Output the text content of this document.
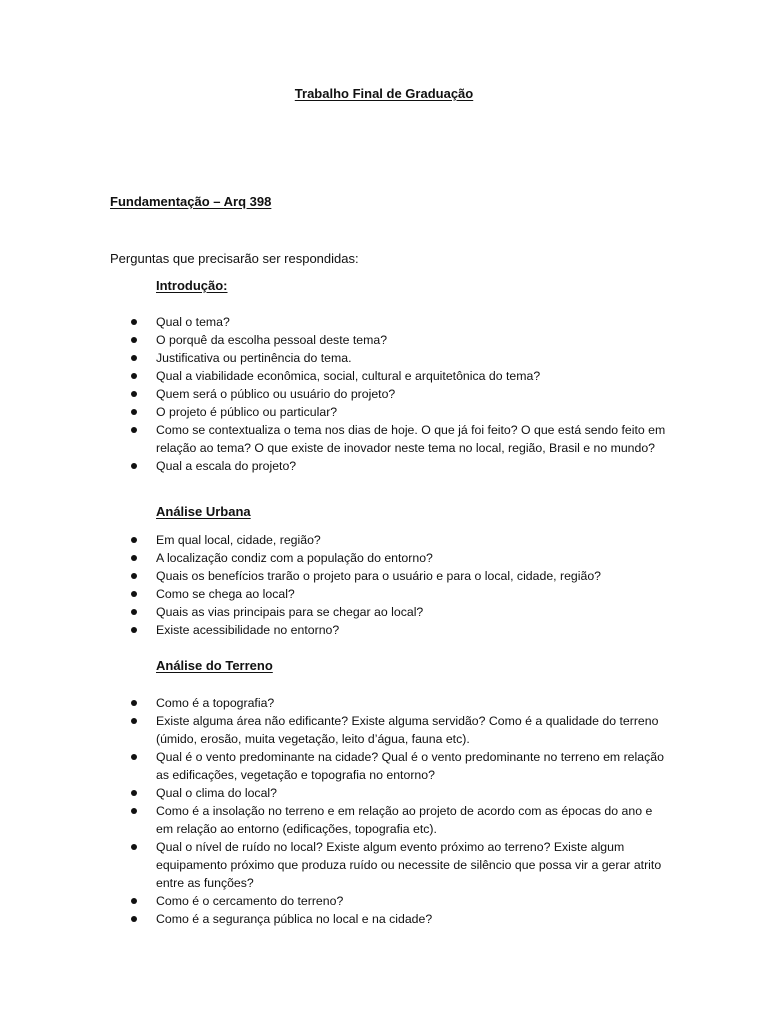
Trabalho Final de Graduação
Fundamentação – Arq 398
Perguntas que precisarão ser respondidas:
Introdução:
Qual o tema?
O porquê da escolha pessoal deste tema?
Justificativa ou pertinência do tema.
Qual a viabilidade econômica, social, cultural e arquitetônica do tema?
Quem será o público ou usuário do projeto?
O projeto é público ou particular?
Como se contextualiza o tema nos dias de hoje. O que já foi feito? O que está sendo feito em relação ao tema? O que existe de inovador neste tema no local, região, Brasil e no mundo?
Qual a escala do projeto?
Análise Urbana
Em qual local, cidade, região?
A localização condiz com a população do entorno?
Quais os benefícios trarão o projeto para o usuário e para o local, cidade, região?
Como se chega ao local?
Quais as vias principais para se chegar ao local?
Existe acessibilidade no entorno?
Análise do Terreno
Como é a topografia?
Existe alguma área não edificante? Existe alguma servidão? Como é a qualidade do terreno (úmido, erosão, muita vegetação, leito d’água, fauna etc).
Qual é o vento predominante na cidade? Qual é o vento predominante no terreno em relação as edificações, vegetação e topografia no entorno?
Qual o clima do local?
Como é a insolação no terreno e em relação ao projeto de acordo com as épocas do ano e em relação ao entorno (edificações, topografia etc).
Qual o nível de ruído no local? Existe algum evento próximo ao terreno? Existe algum equipamento próximo que produza ruído ou necessite de silêncio que possa vir a gerar atrito entre as funções?
Como é o cercamento do terreno?
Como é a segurança pública no local e na cidade?
